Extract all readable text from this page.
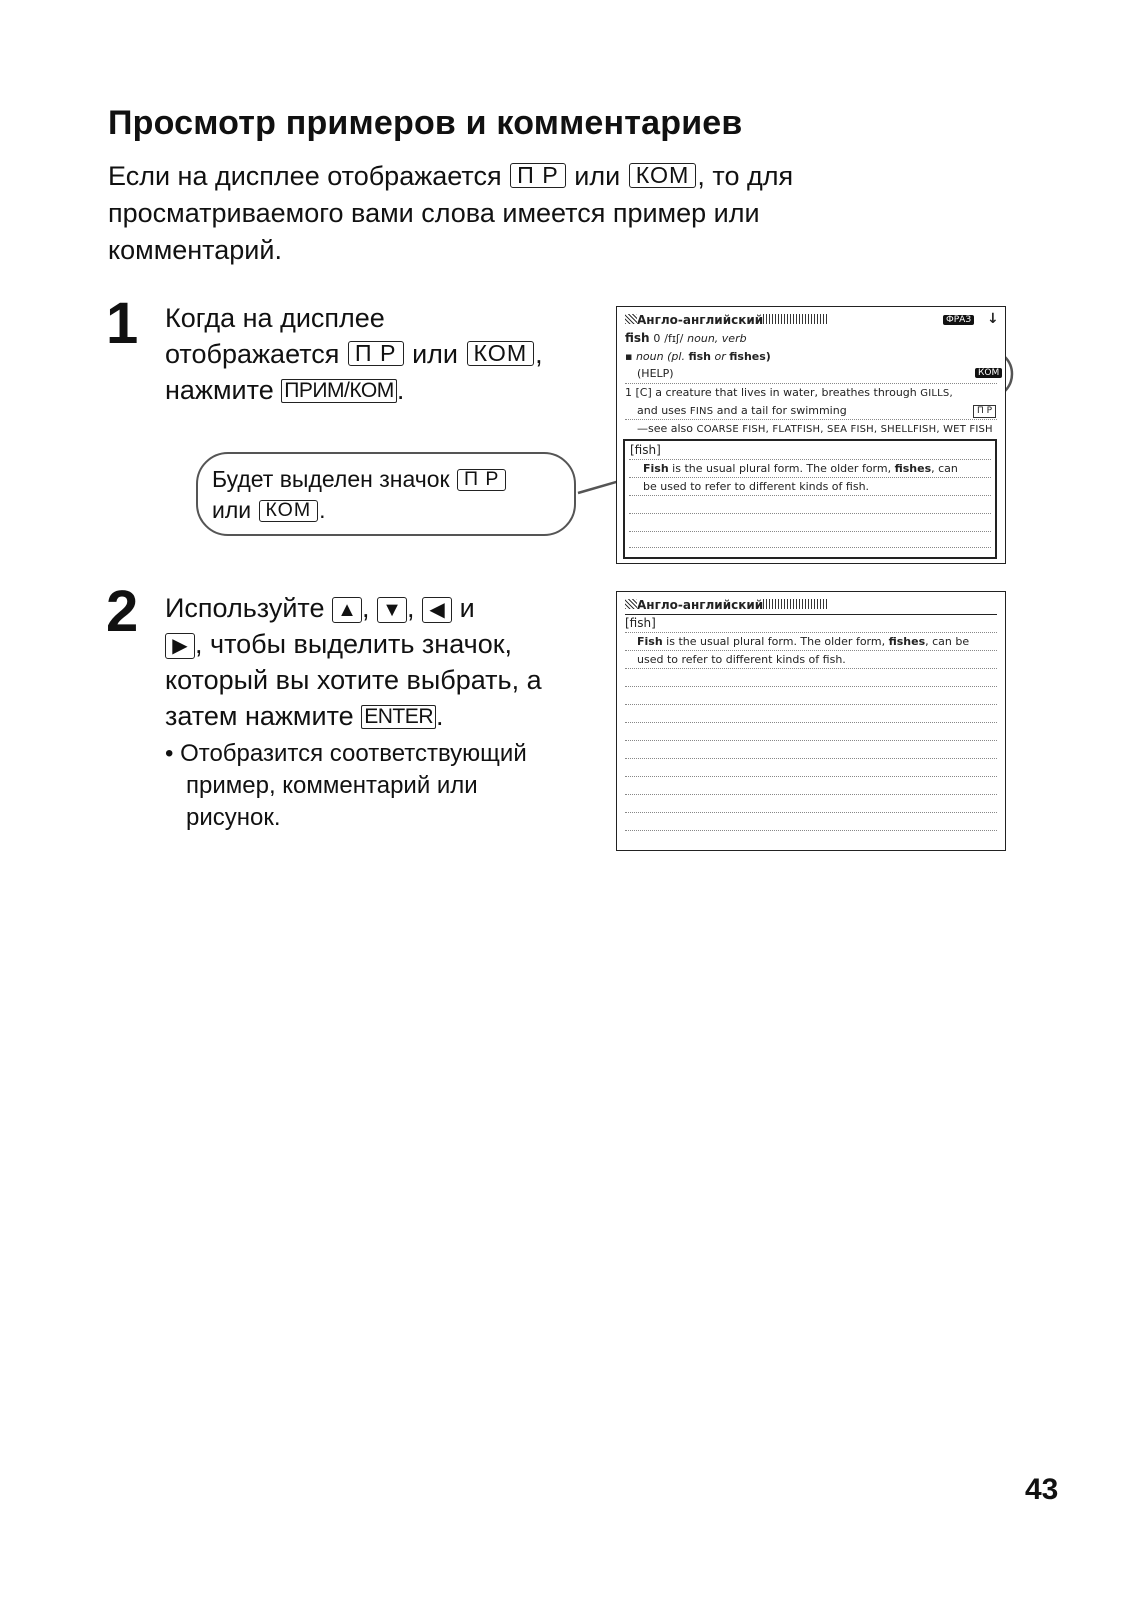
Просмотр примеров и комментариев
Если на дисплее отображается П Р или КОМ , то для
просматриваемого вами слова имеется пример или
комментарий.
1 Когда на дисплее
отображается П Р или КОМ ,
нажмите ПРИМ/КОМ .
Будет выделен значок П Р
или КОМ .
Англо-английский	ФРАЗ ↓
fish 0 /fɪʃ/ noun, verb
▪ noun (pl. fish or fishes)
(HELP)	КОМ
1 [C] a creature that lives in water, breathes through GILLS,
and uses FINS and a tail for swimming	П Р
—see also COARSE FISH, FLATFISH, SEA FISH, SHELLFISH, WET FISH
[fish]
Fish is the usual plural form. The older form, fishes, can
be used to refer to different kinds of fish.
2 Используйте ▲ , ▼ , ◀ и
▶ , чтобы выделить значок,
который вы хотите выбрать, а
затем нажмите ENTER .
• Отобразится соответствующий
пример, комментарий или
рисунок.
Англо-английский
[fish]
Fish is the usual plural form. The older form, fishes, can be
used to refer to different kinds of fish.
43
